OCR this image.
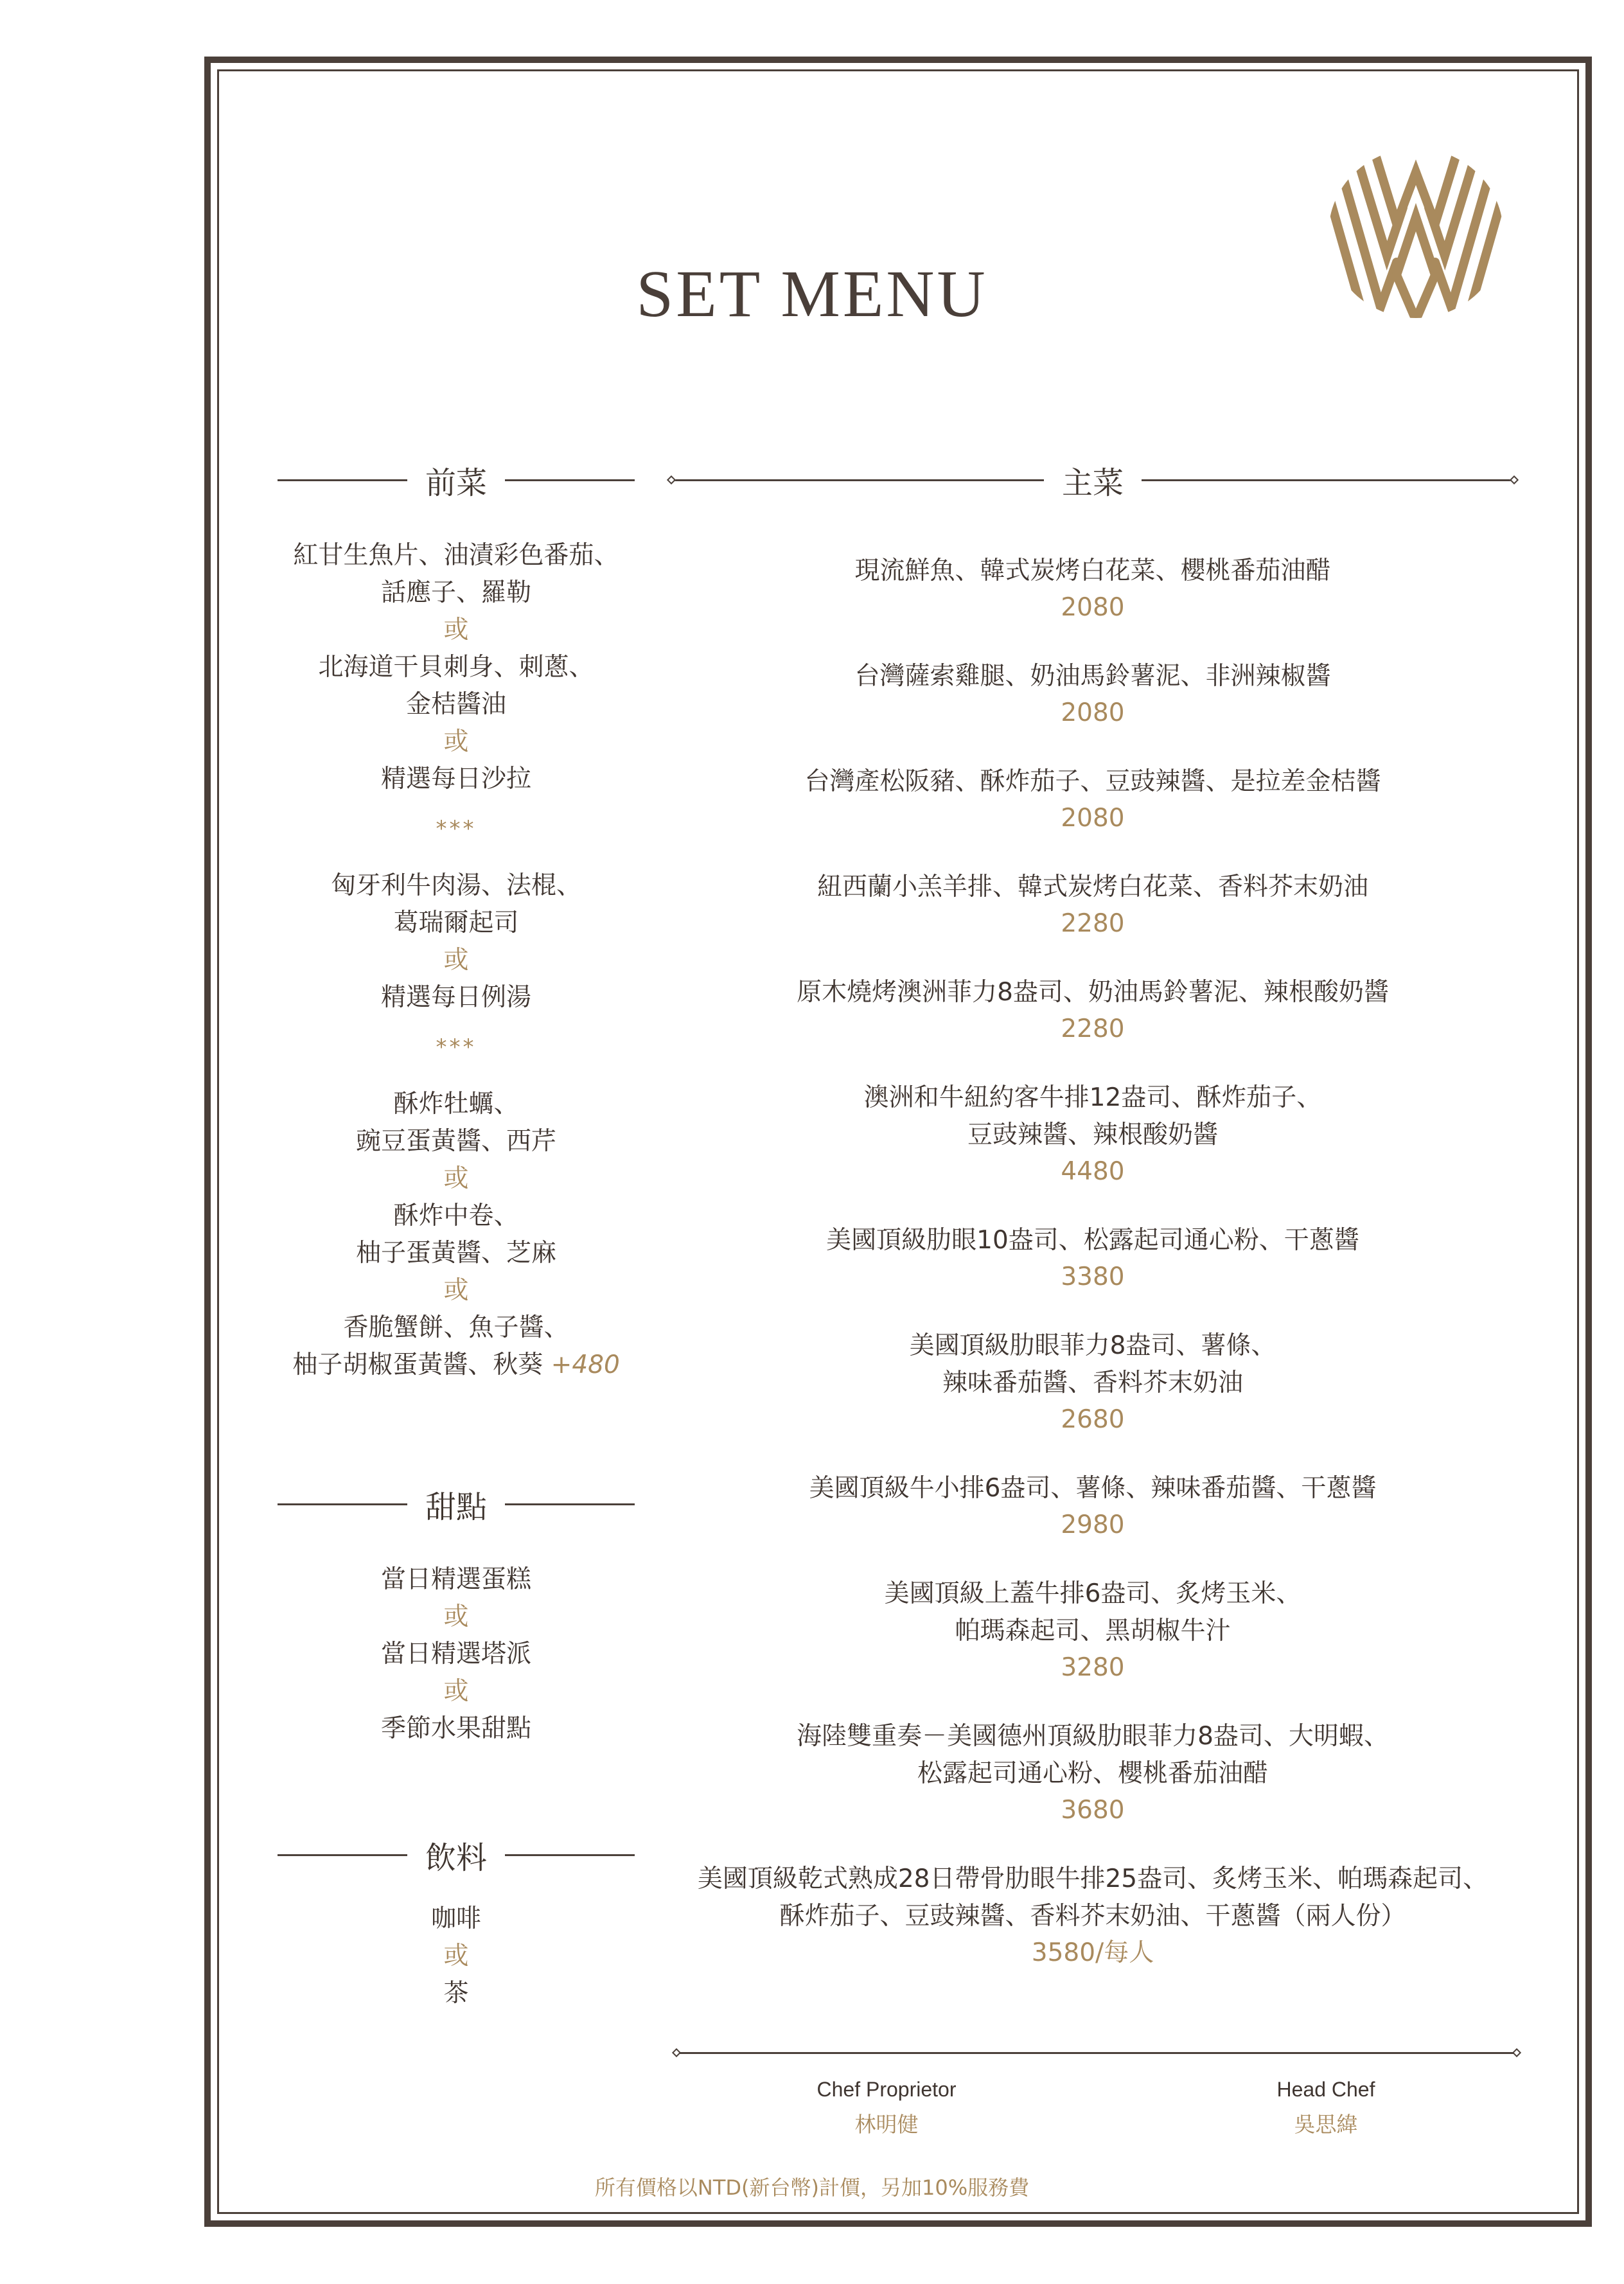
SET MENU
前菜
紅甘生魚片、油漬彩色番茄、
話應子、羅勒
或
北海道干貝刺身、刺蔥、
金桔醬油
或
精選每日沙拉
***
匈牙利牛肉湯、法棍、
葛瑞爾起司
或
精選每日例湯
***
酥炸牡蠣、
豌豆蛋黃醬、西芹
或
酥炸中卷、
柚子蛋黃醬、芝麻
或
香脆蟹餅、魚子醬、
柚子胡椒蛋黃醬、秋葵 +480
甜點
當日精選蛋糕
或
當日精選塔派
或
季節水果甜點
飲料
咖啡
或
茶
主菜
現流鮮魚、韓式炭烤白花菜、櫻桃番茄油醋
2080
台灣薩索雞腿、奶油馬鈴薯泥、非洲辣椒醬
2080
台灣產松阪豬、酥炸茄子、豆豉辣醬、是拉差金桔醬
2080
紐西蘭小羔羊排、韓式炭烤白花菜、香料芥末奶油
2280
原木燒烤澳洲菲力8盎司、奶油馬鈴薯泥、辣根酸奶醬
2280
澳洲和牛紐約客牛排12盎司、酥炸茄子、
豆豉辣醬、辣根酸奶醬
4480
美國頂級肋眼10盎司、松露起司通心粉、干蔥醬
3380
美國頂級肋眼菲力8盎司、薯條、
辣味番茄醬、香料芥末奶油
2680
美國頂級牛小排6盎司、薯條、辣味番茄醬、干蔥醬
2980
美國頂級上蓋牛排6盎司、炙烤玉米、
帕瑪森起司、黑胡椒牛汁
3280
海陸雙重奏－美國德州頂級肋眼菲力8盎司、大明蝦、
松露起司通心粉、櫻桃番茄油醋
3680
美國頂級乾式熟成28日帶骨肋眼牛排25盎司、炙烤玉米、帕瑪森起司、
酥炸茄子、豆豉辣醬、香料芥末奶油、干蔥醬（兩人份）
3580/每人
Chef Proprietor
林明健
Head Chef
吳思緯
所有價格以NTD(新台幣)計價，另加10%服務費
